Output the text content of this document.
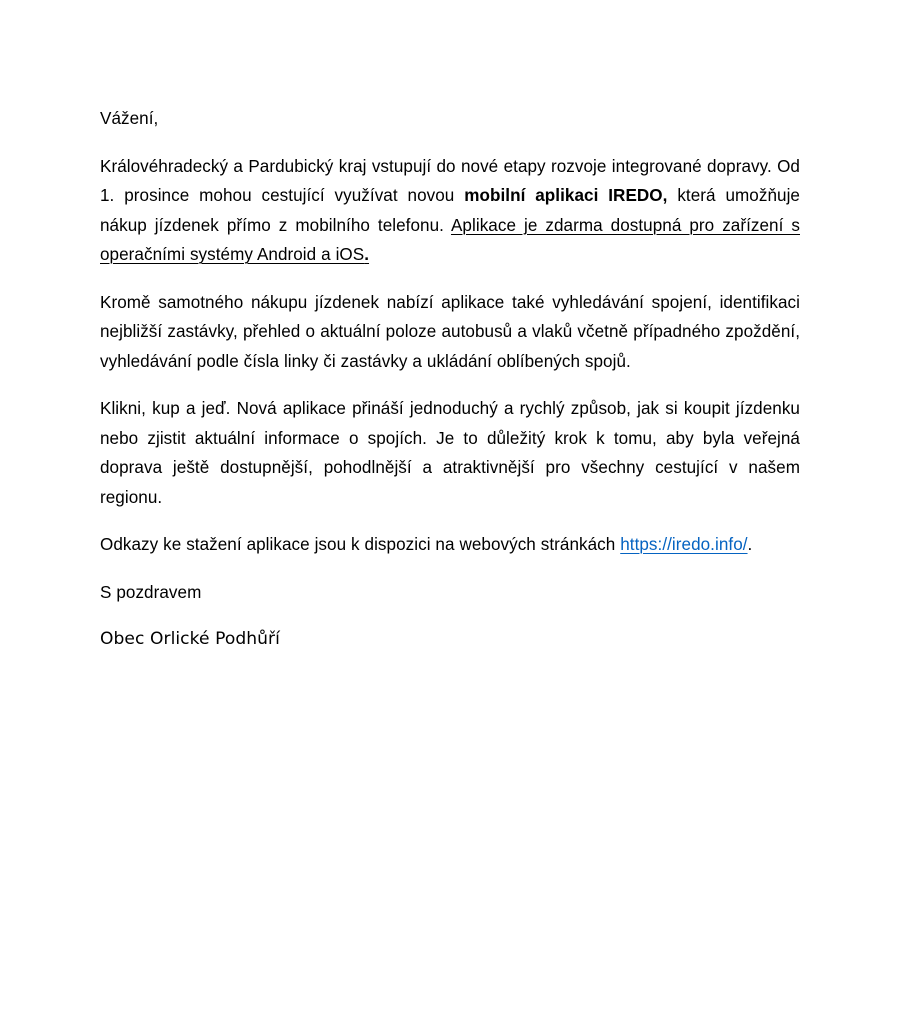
Vážení,

Královéhradecký a Pardubický kraj vstupují do nové etapy rozvoje integrované dopravy. Od 1. prosince mohou cestující využívat novou mobilní aplikaci IREDO, která umožňuje nákup jízdenek přímo z mobilního telefonu. Aplikace je zdarma dostupná pro zařízení s operačními systémy Android a iOS.

Kromě samotného nákupu jízdenek nabízí aplikace také vyhledávání spojení, identifikaci nejbližší zastávky, přehled o aktuální poloze autobusů a vlaků včetně případného zpoždění, vyhledávání podle čísla linky či zastávky a ukládání oblíbených spojů.

Klikni, kup a jeď. Nová aplikace přináší jednoduchý a rychlý způsob, jak si koupit jízdenku nebo zjistit aktuální informace o spojích. Je to důležitý krok k tomu, aby byla veřejná doprava ještě dostupnější, pohodlnější a atraktivnější pro všechny cestující v našem regionu.

Odkazy ke stažení aplikace jsou k dispozici na webových stránkách https://iredo.info/.

S pozdravem

Obec Orlické Podhůří
